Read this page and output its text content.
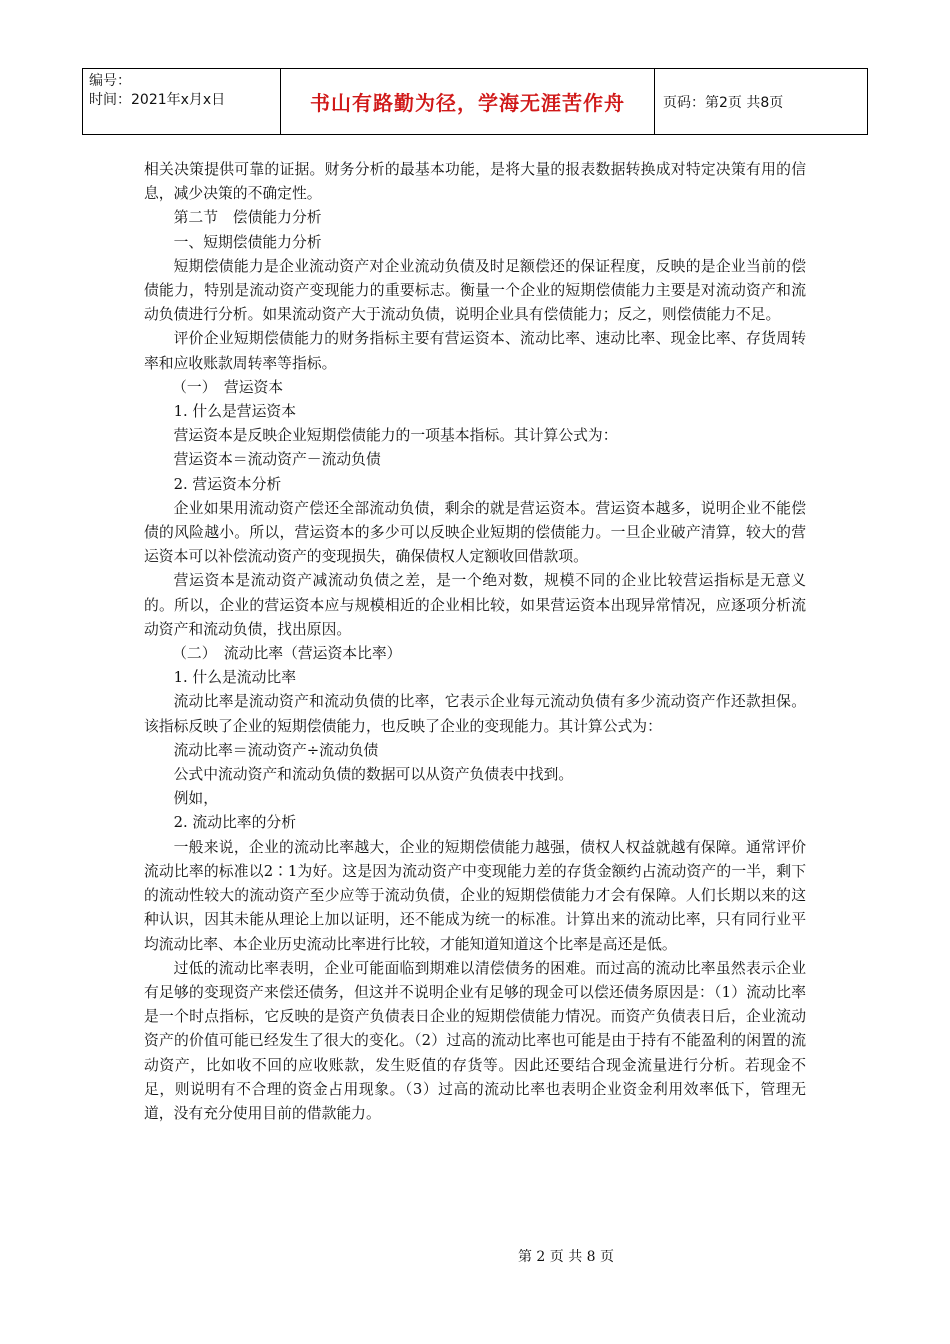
编号：
时间：2021年x月x日	书山有路勤为径，学海无涯苦作舟	页码：第2页 共8页

相关决策提供可靠的证据。财务分析的最基本功能，是将大量的报表数据转换成对特定决策有用的信息，减少决策的不确定性。

第二节　偿债能力分析

一、短期偿债能力分析

短期偿债能力是企业流动资产对企业流动负债及时足额偿还的保证程度，反映的是企业当前的偿债能力，特别是流动资产变现能力的重要标志。衡量一个企业的短期偿债能力主要是对流动资产和流动负债进行分析。如果流动资产大于流动负债，说明企业具有偿债能力；反之，则偿债能力不足。

评价企业短期偿债能力的财务指标主要有营运资本、流动比率、速动比率、现金比率、存货周转率和应收账款周转率等指标。

（一）　营运资本

1. 什么是营运资本

营运资本是反映企业短期偿债能力的一项基本指标。其计算公式为：

营运资本＝流动资产－流动负债

2. 营运资本分析

企业如果用流动资产偿还全部流动负债，剩余的就是营运资本。营运资本越多，说明企业不能偿债的风险越小。所以，营运资本的多少可以反映企业短期的偿债能力。一旦企业破产清算，较大的营运资本可以补偿流动资产的变现损失，确保债权人定额收回借款项。

营运资本是流动资产减流动负债之差，是一个绝对数，规模不同的企业比较营运指标是无意义的。所以，企业的营运资本应与规模相近的企业相比较，如果营运资本出现异常情况，应逐项分析流动资产和流动负债，找出原因。

（二）　流动比率（营运资本比率）

1. 什么是流动比率

流动比率是流动资产和流动负债的比率，它表示企业每元流动负债有多少流动资产作还款担保。该指标反映了企业的短期偿债能力，也反映了企业的变现能力。其计算公式为：

流动比率＝流动资产÷流动负债

公式中流动资产和流动负债的数据可以从资产负债表中找到。

例如，

2. 流动比率的分析

一般来说，企业的流动比率越大，企业的短期偿债能力越强，债权人权益就越有保障。通常评价流动比率的标准以2∶1为好。这是因为流动资产中变现能力差的存货金额约占流动资产的一半，剩下的流动性较大的流动资产至少应等于流动负债，企业的短期偿债能力才会有保障。人们长期以来的这种认识，因其未能从理论上加以证明，还不能成为统一的标准。计算出来的流动比率，只有同行业平均流动比率、本企业历史流动比率进行比较，才能知道知道这个比率是高还是低。

过低的流动比率表明，企业可能面临到期难以清偿债务的困难。而过高的流动比率虽然表示企业有足够的变现资产来偿还债务，但这并不说明企业有足够的现金可以偿还债务原因是：（1）流动比率是一个时点指标，它反映的是资产负债表日企业的短期偿债能力情况。而资产负债表日后，企业流动资产的价值可能已经发生了很大的变化。（2）过高的流动比率也可能是由于持有不能盈利的闲置的流动资产，比如收不回的应收账款，发生贬值的存货等。因此还要结合现金流量进行分析。若现金不足，则说明有不合理的资金占用现象。（3）过高的流动比率也表明企业资金利用效率低下，管理无道，没有充分使用目前的借款能力。

第 2 页 共 8 页
